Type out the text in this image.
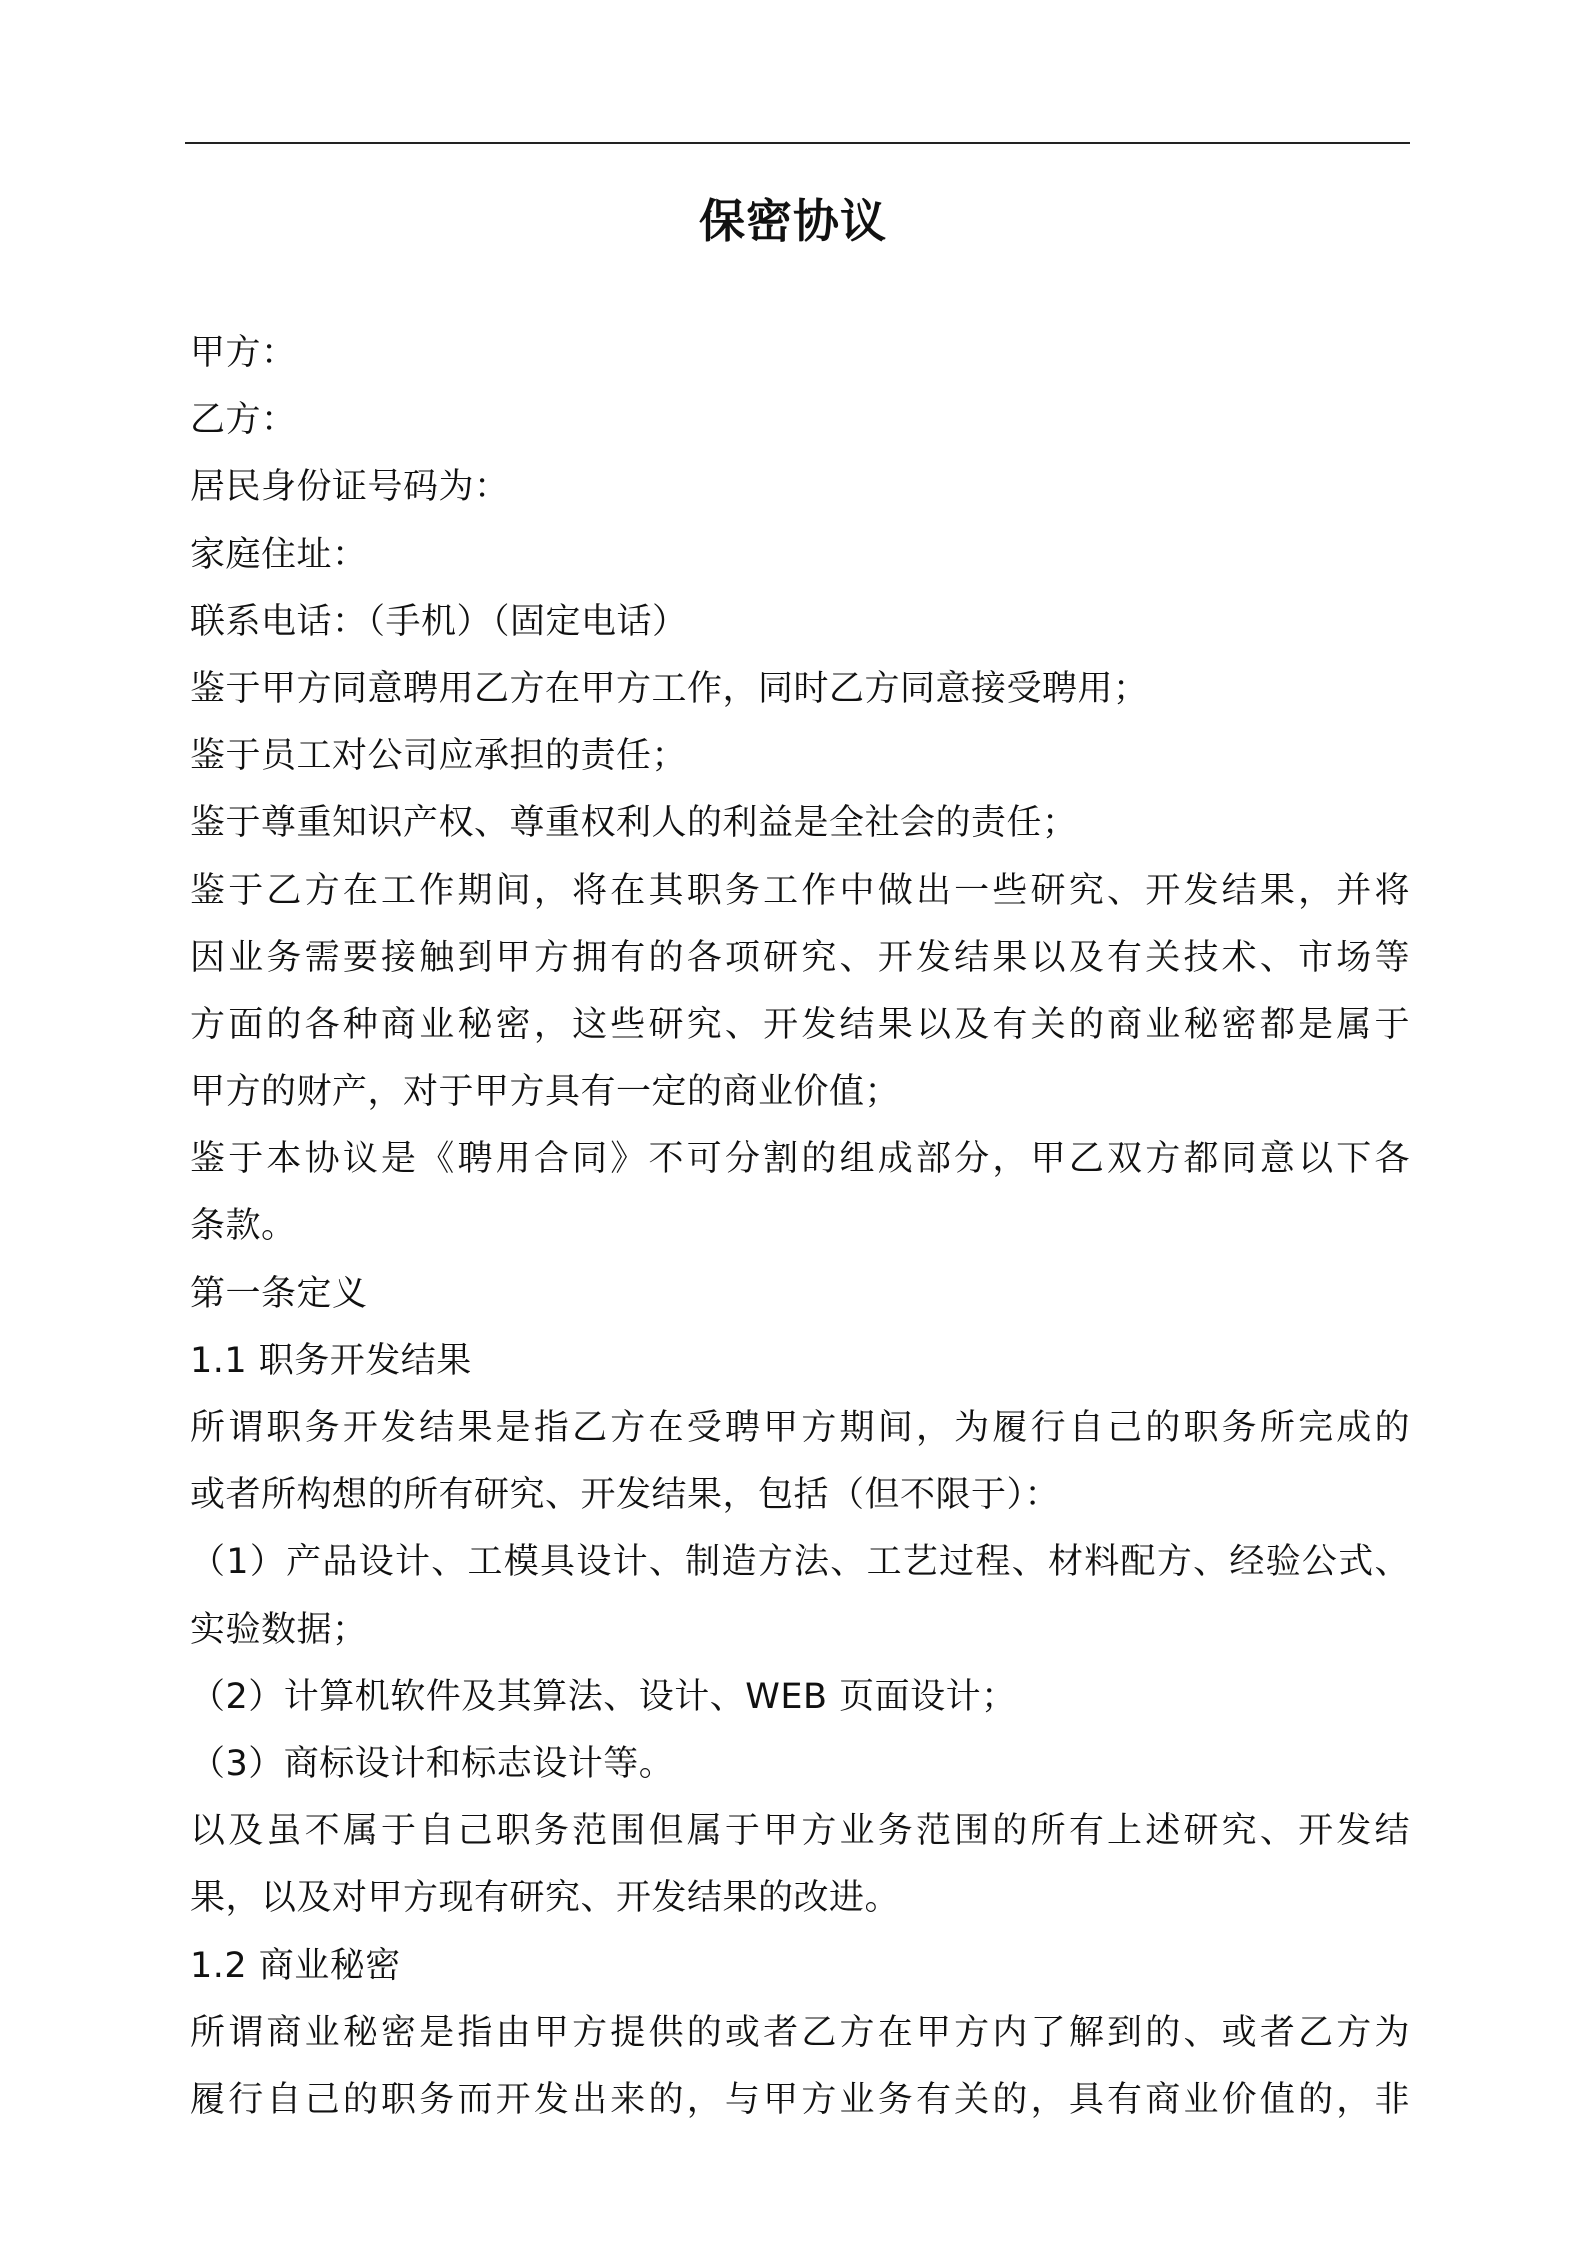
保密协议
甲方：
乙方：
居民身份证号码为：
家庭住址：
联系电话：（手机）（固定电话）
鉴于甲方同意聘用乙方在甲方工作，同时乙方同意接受聘用；
鉴于员工对公司应承担的责任；
鉴于尊重知识产权、尊重权利人的利益是全社会的责任；
鉴于乙方在工作期间，将在其职务工作中做出一些研究、开发结果，并将
因业务需要接触到甲方拥有的各项研究、开发结果以及有关技术、市场等
方面的各种商业秘密，这些研究、开发结果以及有关的商业秘密都是属于
甲方的财产，对于甲方具有一定的商业价值；
鉴于本协议是《聘用合同》不可分割的组成部分，甲乙双方都同意以下各
条款。
第一条定义
1.1 职务开发结果
所谓职务开发结果是指乙方在受聘甲方期间，为履行自己的职务所完成的
或者所构想的所有研究、开发结果，包括（但不限于）：
（1）产品设计、工模具设计、制造方法、工艺过程、材料配方、经验公式、
实验数据；
（2）计算机软件及其算法、设计、WEB 页面设计；
（3）商标设计和标志设计等。
以及虽不属于自己职务范围但属于甲方业务范围的所有上述研究、开发结
果，以及对甲方现有研究、开发结果的改进。
1.2 商业秘密
所谓商业秘密是指由甲方提供的或者乙方在甲方内了解到的、或者乙方为
履行自己的职务而开发出来的，与甲方业务有关的，具有商业价值的，非
